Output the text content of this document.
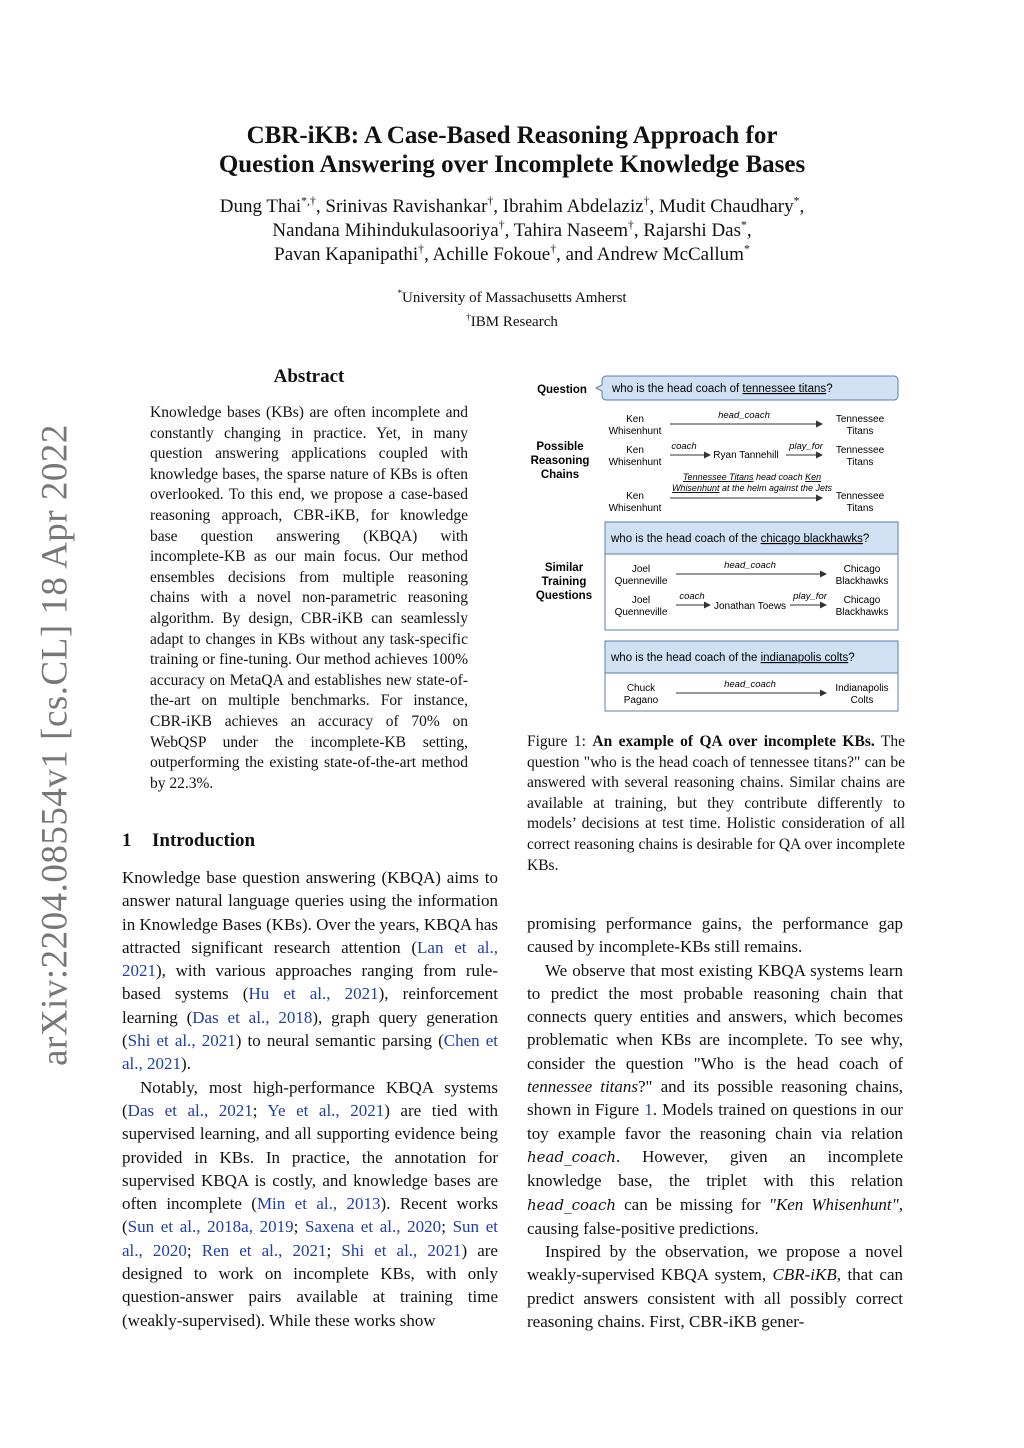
CBR-iKB: A Case-Based Reasoning Approach for
Question Answering over Incomplete Knowledge Bases
Dung Thai*,†, Srinivas Ravishankar†, Ibrahim Abdelaziz†, Mudit Chaudhary*,
Nandana Mihindukulasooriya†, Tahira Naseem†, Rajarshi Das*,
Pavan Kapanipathi†, Achille Fokoue†, and Andrew McCallum*
*University of Massachusetts Amherst
†IBM Research
arXiv:2204.08554v1 [cs.CL] 18 Apr 2022
Abstract
Knowledge bases (KBs) are often incomplete and constantly changing in practice. Yet, in many question answering applications coupled with knowledge bases, the sparse nature of KBs is often overlooked. To this end, we propose a case-based reasoning approach, CBR-iKB, for knowledge base question answering (KBQA) with incomplete-KB as our main focus. Our method ensembles decisions from multiple reasoning chains with a novel non-parametric reasoning algorithm. By design, CBR-iKB can seamlessly adapt to changes in KBs without any task-specific training or fine-tuning. Our method achieves 100% accuracy on MetaQA and establishes new state-of-the-art on multiple benchmarks. For instance, CBR-iKB achieves an accuracy of 70% on WebQSP under the incomplete-KB setting, outperforming the existing state-of-the-art method by 22.3%.
1 Introduction

Knowledge base question answering (KBQA) aims to answer natural language queries using the information in Knowledge Bases (KBs). Over the years, KBQA has attracted significant research attention (Lan et al., 2021), with various approaches ranging from rule-based systems (Hu et al., 2021), reinforcement learning (Das et al., 2018), graph query generation (Shi et al., 2021) to neural semantic parsing (Chen et al., 2021).

Notably, most high-performance KBQA systems (Das et al., 2021; Ye et al., 2021) are tied with supervised learning, and all supporting evidence being provided in KBs. In practice, the annotation for supervised KBQA is costly, and knowledge bases are often incomplete (Min et al., 2013). Recent works (Sun et al., 2018a, 2019; Saxena et al., 2020; Sun et al., 2020; Ren et al., 2021; Shi et al., 2021) are designed to work on incomplete KBs, with only question-answer pairs available at training time (weakly-supervised). While these works show

Question
Possible
Reasoning
Chains
Similar
Training
Questions
who is the head coach of tennessee titans?
Ken
Whisenhunt
head_coach	Tennessee
Titans
Ken
Whisenhunt
coach
Ryan Tannehill
play_for Tennessee
Titans
Tennessee Titans head coach Ken
Whisenhunt at the helm against the Jets
Ken
Whisenhunt
Tennessee
Titans
who is the head coach of the chicago blackhawks?
Joel
Quenneville
head_coach	Chicago
Blackhawks
Joel
Quenneville
coach
Jonathan Toews
play_for Chicago
Blackhawks
who is the head coach of the indianapolis colts?
Chuck
Pagano
head_coach	Indianapolis
Colts
Figure 1: An example of QA over incomplete KBs. The question "who is the head coach of tennessee titans?" can be answered with several reasoning chains. Similar chains are available at training, but they contribute differently to models’ decisions at test time. Holistic consideration of all correct reasoning chains is desirable for QA over incomplete KBs.

promising performance gains, the performance gap caused by incomplete-KBs still remains.

We observe that most existing KBQA systems learn to predict the most probable reasoning chain that connects query entities and answers, which becomes problematic when KBs are incomplete. To see why, consider the question "Who is the head coach of tennessee titans?" and its possible reasoning chains, shown in Figure 1. Models trained on questions in our toy example favor the reasoning chain via relation head_coach. However, given an incomplete knowledge base, the triplet with this relation head_coach can be missing for "Ken Whisenhunt", causing false-positive predictions.

Inspired by the observation, we propose a novel weakly-supervised KBQA system, CBR-iKB, that can predict answers consistent with all possibly correct reasoning chains. First, CBR-iKB gener-
